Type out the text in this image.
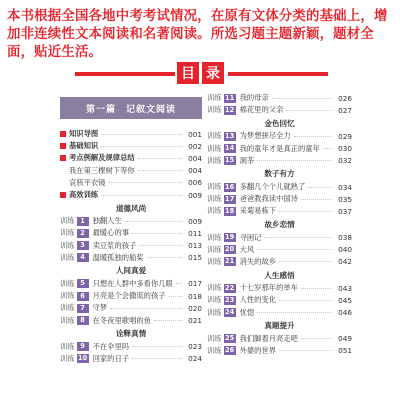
本书根据全国各地中考考试情况，在原有文体分类的基础上，增加非连续性文本阅读和名著阅读。所选习题主题新颖，题材全面，贴近生活。
目 录
第一篇　记叙文阅读
知识导图	001
基础知识	002
考点例解及规律总结	004
我在第三棵树下等你	004
哀骇平衣镜	006
高效训练	009
道德风尚
训练 1	独翻人生	009
训练 2	最暖心的事	011
训练 3	卖豆浆的孩子	013
训练 4	温暖孤独的船桨	015
人间真爱
训练 5	只想在人群中多看你几眼 017
训练 6	月亮是个会撒谎的孩子	018
训练 7	守梦	020
训练 8	在冬夜里歌唱的鱼	021
诠释真情
训练 9	不在伞里吗	023
训练 10 回家的日子	024
训练 11 我的母亲	026
训练 12 棉花里的父亲	027
金色回忆
训练 13 为梦想拼尽全力	029
训练 14 我的童年才是真正的童年 030
训练 15 洞茶	032
数子有方
训练 16 多翻几个个儿就熟了	034
训练 17 爸爸教我读中国诗	035
训练 18 采菊易栋下	037
故乡恋情
训练 19 寻困记	038
训练 20 大风	040
训练 21 消失的故乡	042
人生感悟
训练 22 十七岁那年的单车	043
训练 23 人性的变化	045
训练 24 忧惚	046
真题提升
训练 25 我们脚着月亮走吧	049
训练 26 外婆的世界	051
